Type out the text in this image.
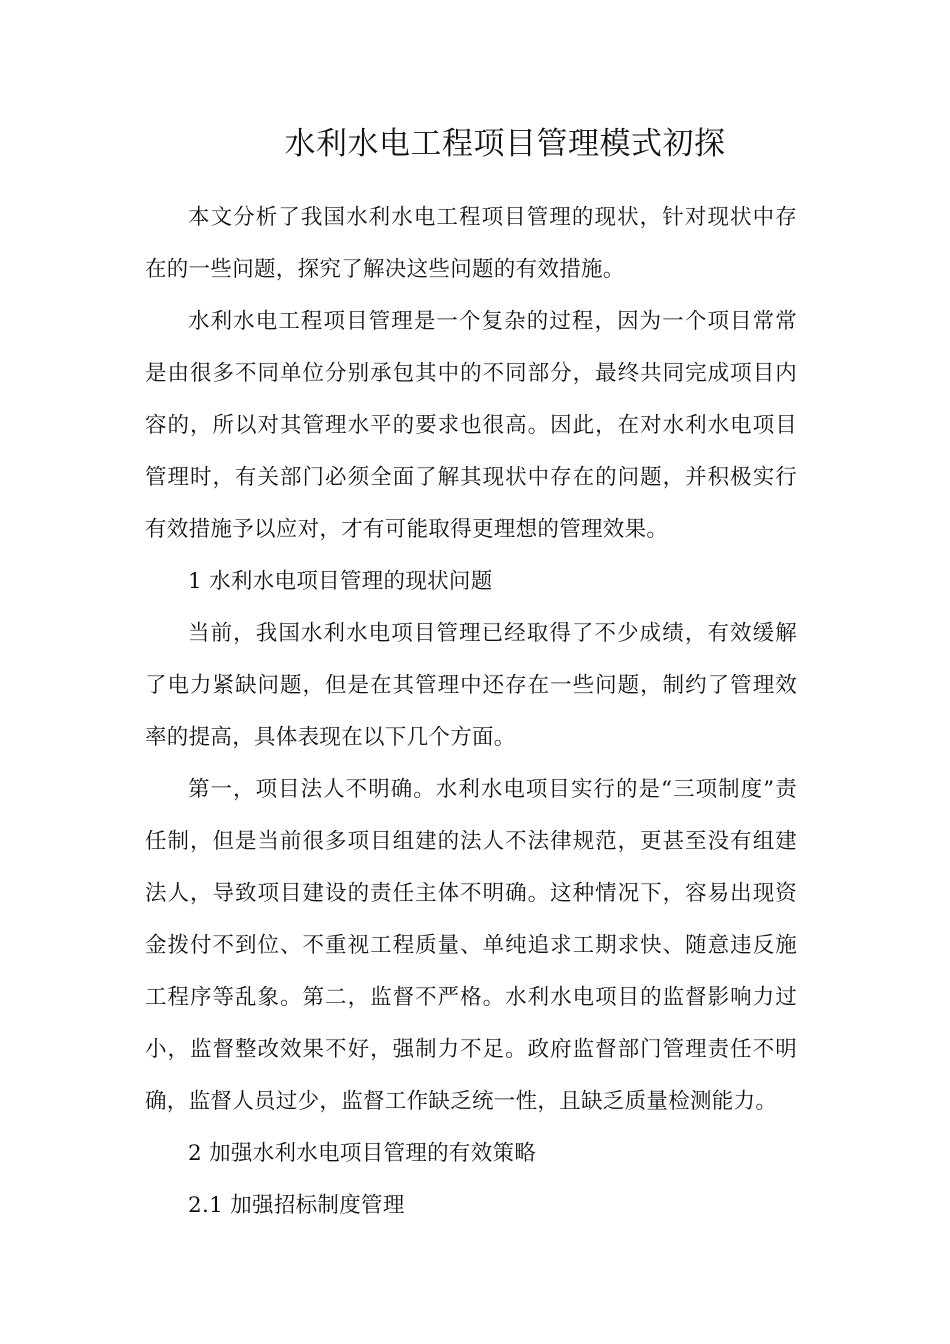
水利水电工程项目管理模式初探

本文分析了我国水利水电工程项目管理的现状，针对现状中存在的一些问题，探究了解决这些问题的有效措施。

水利水电工程项目管理是一个复杂的过程，因为一个项目常常是由很多不同单位分别承包其中的不同部分，最终共同完成项目内容的，所以对其管理水平的要求也很高。因此，在对水利水电项目管理时，有关部门必须全面了解其现状中存在的问题，并积极实行有效措施予以应对，才有可能取得更理想的管理效果。

1 水利水电项目管理的现状问题

当前，我国水利水电项目管理已经取得了不少成绩，有效缓解了电力紧缺问题，但是在其管理中还存在一些问题，制约了管理效率的提高，具体表现在以下几个方面。

第一，项目法人不明确。水利水电项目实行的是“三项制度”责任制，但是当前很多项目组建的法人不法律规范，更甚至没有组建法人，导致项目建设的责任主体不明确。这种情况下，容易出现资金拨付不到位、不重视工程质量、单纯追求工期求快、随意违反施工程序等乱象。第二，监督不严格。水利水电项目的监督影响力过小，监督整改效果不好，强制力不足。政府监督部门管理责任不明确，监督人员过少，监督工作缺乏统一性，且缺乏质量检测能力。

2 加强水利水电项目管理的有效策略

2.1 加强招标制度管理
